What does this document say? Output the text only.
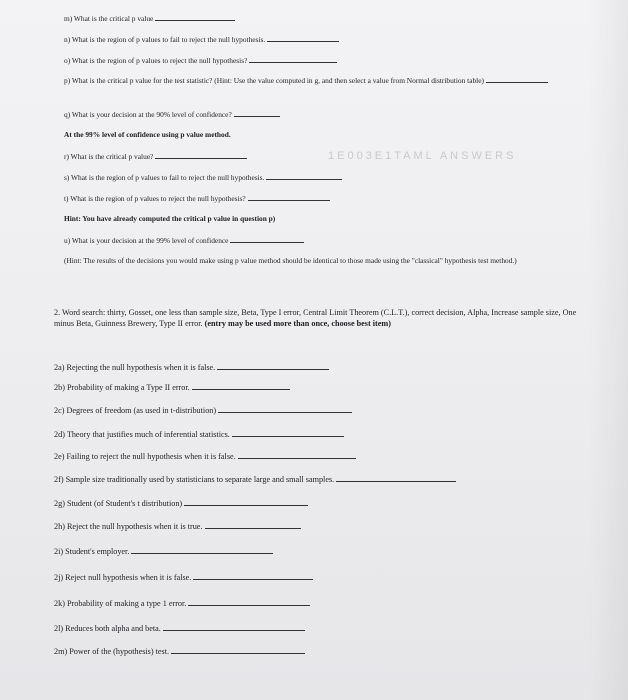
1E003E1TAML ANSWERS
m) What is the critical p value
n) What is the region of p values to fail to reject the null hypothesis.
o) What is the region of p values to reject the null hypothesis?
p) What is the critical p value for the test statistic? (Hint: Use the value computed in g, and then select a value from Normal distribution table)
q) What is your decision at the 90% level of confidence?
At the 99% level of confidence using p value method.
r) What is the critical p value?
s) What is the region of p values to fail to reject the null hypothesis.
t) What is the region of p values to reject the null hypothesis?
Hint: You have already computed the critical p value in question p)
u) What is your decision at the 99% level of confidence
(Hint: The results of the decisions you would make using p value method should be identical to those made using the "classical" hypothesis test method.)
2. Word search: thirty, Gosset, one less than sample size, Beta, Type I error, Central Limit Theorem (C.L.T.), correct decision, Alpha, Increase sample size, One minus Beta, Guinness Brewery, Type II error. (entry may be used more than once, choose best item)
2a) Rejecting the null hypothesis when it is false.
2b) Probability of making a Type II error.
2c) Degrees of freedom (as used in t-distribution)
2d) Theory that justifies much of inferential statistics.
2e) Failing to reject the null hypothesis when it is false.
2f) Sample size traditionally used by statisticians to separate large and small samples.
2g) Student (of Student's t distribution)
2h) Reject the null hypothesis when it is true.
2i) Student's employer.
2j) Reject null hypothesis when it is false.
2k) Probability of making a type 1 error.
2l) Reduces both alpha and beta.
2m) Power of the (hypothesis) test.
